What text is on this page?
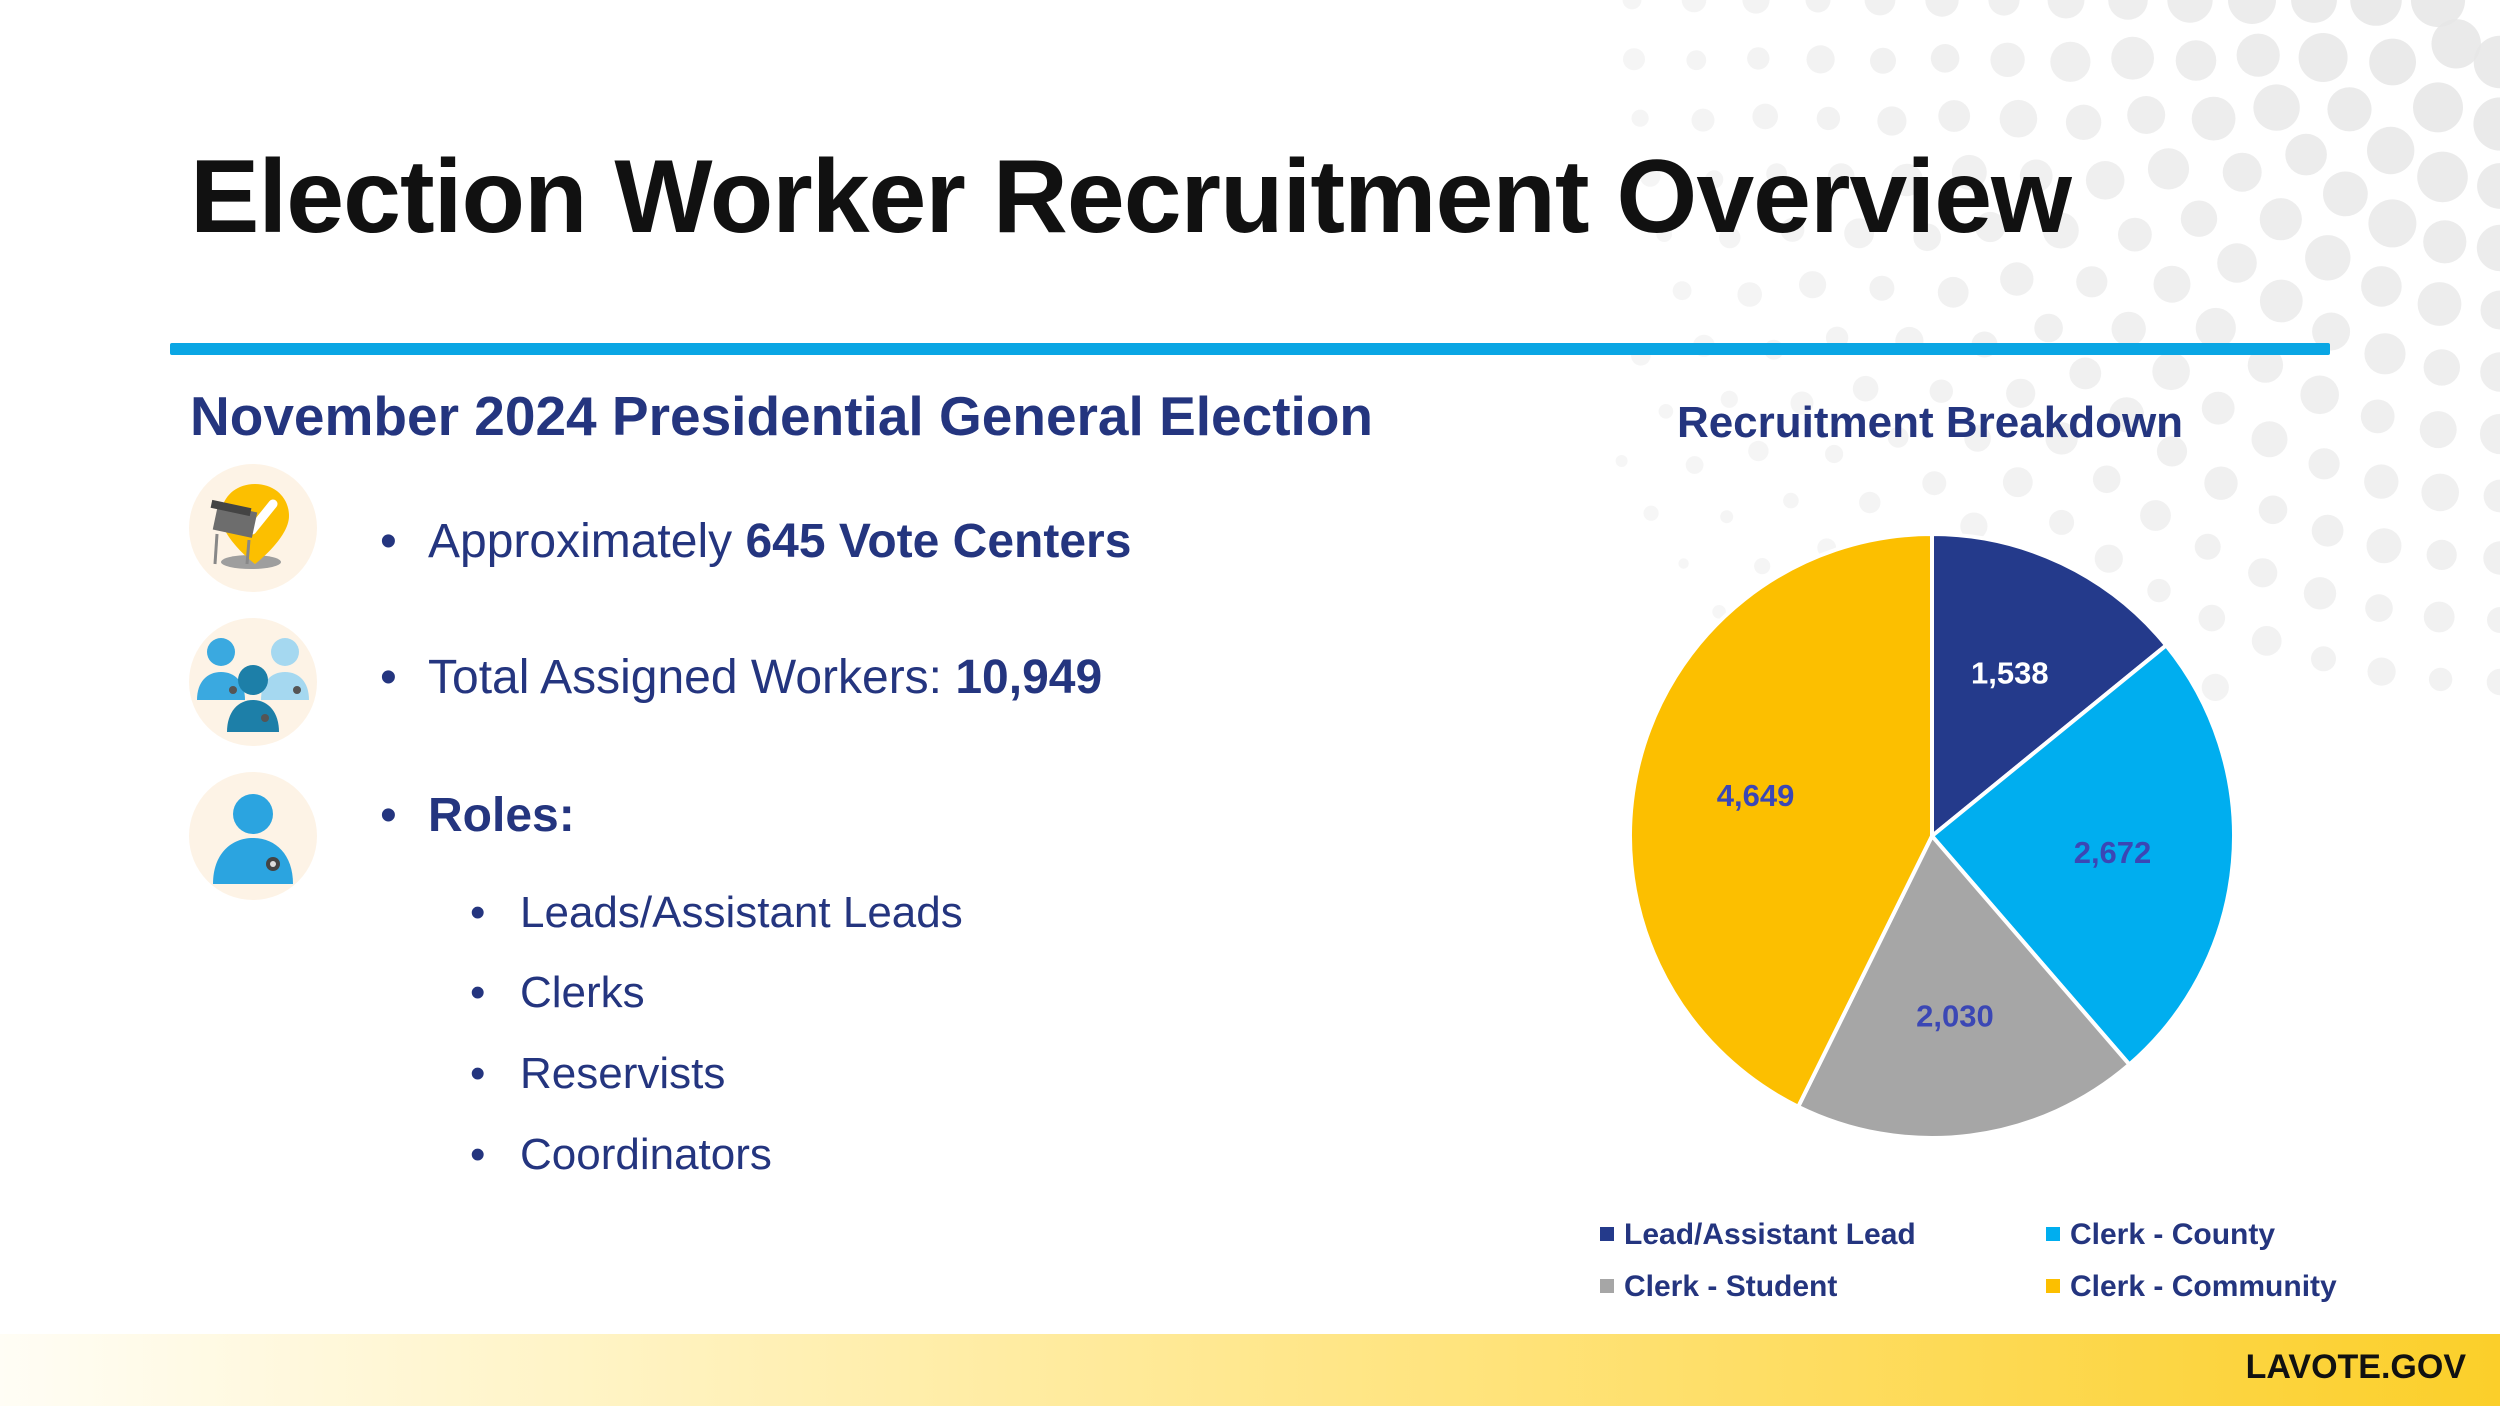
Election Worker Recruitment Overview
November 2024 Presidential General Election
• Approximately 645 Vote Centers
• Total Assigned Workers: 10,949
• Roles:
• Leads/Assistant Leads
• Clerks
• Reservists
• Coordinators
Recruitment Breakdown
1,538
2,672
2,030
4,649
Lead/Assistant Lead	Clerk - County
Clerk - Student	Clerk - Community
LAVOTE.GOV
